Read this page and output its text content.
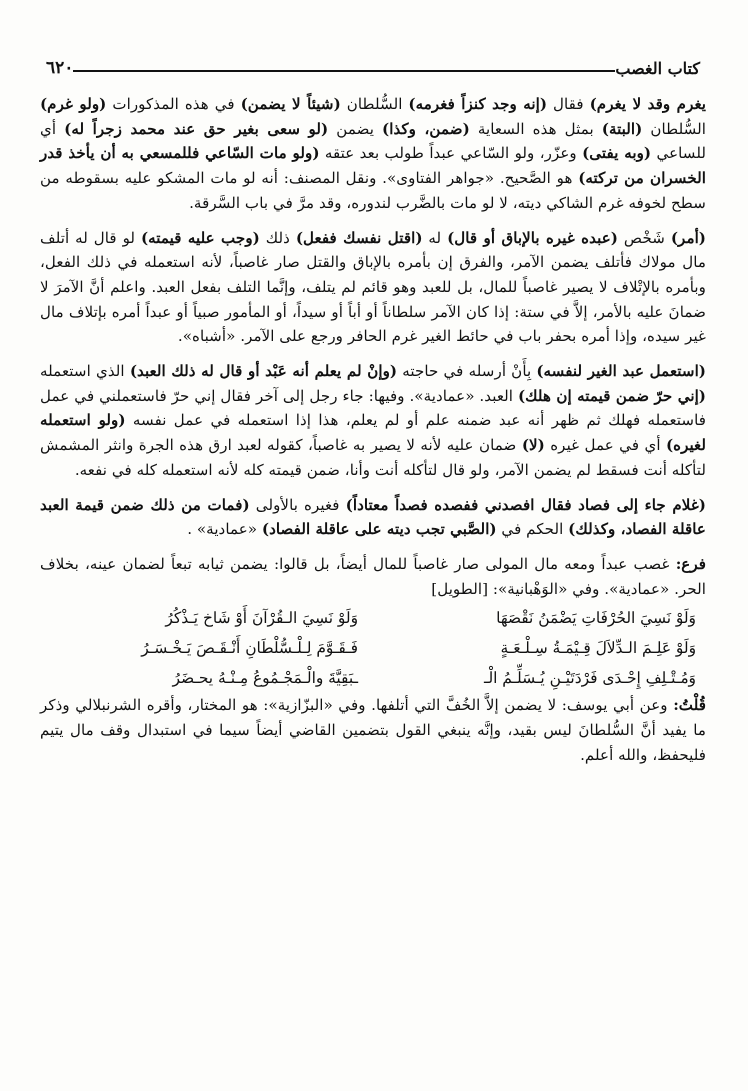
٦٢٠	كتاب الغصب

يغرم وقد لا يغرم) فقال (إنه وجد كنزاً فغرمه) السُّلطان (شيئاً لا يضمن) في هذه المذكورات (ولو غرم) السُّلطان (البتة) بمثل هذه السعاية (ضمن، وكذا) يضمن (لو سعى بغير حق عند محمد زجراً له) أي للساعي (وبه يفتى) وعزّر، ولو السّاعي عبداً طولب بعد عتقه (ولو مات السّاعي فللمسعي به أن يأخذ قدر الخسران من تركته) هو الصَّحيح. «جواهر الفتاوى». ونقل المصنف: أنه لو مات المشكو عليه بسقوطه من سطح لخوفه غرم الشاكي ديته، لا لو مات بالضَّرب لندوره، وقد مرَّ في باب السَّرقة.

(أمر) شَخْص (عبده غيره بالإباق أو قال) له (اقتل نفسك ففعل) ذلك (وجب عليه قيمته) لو قال له أتلف مال مولاك فأتلف يضمن الآمر، والفرق إن بأمره بالإباق والقتل صار غاصباً، لأنه استعمله في ذلك الفعل، وبأمره بالإتْلاف لا يصير غاصباً للمال، بل للعبد وهو قائم لم يتلف، وإنَّما التلف بفعل العبد. واعلم أنَّ الآمرَ لا ضمانَ عليه بالأمر، إلاَّ في ستة: إذا كان الآمر سلطاناً أو أباً أو سيداً، أو المأمور صبياً أو عبداً أمره بإتلاف مال غير سيده، وإذا أمره بحفر باب في حائط الغير غرم الحافر ورجع على الآمر. «أشباه».

(استعمل عبد الغير لنفسه) بِأَنْ أرسله في حاجته (وإنْ لم يعلم أنه عَبْد أو قال له ذلك العبد) الذي استعمله (إني حرّ ضمن قيمته إن هلك) العبد. «عمادية». وفيها: جاء رجل إلى آخر فقال إني حرّ فاستعملني في عمل فاستعمله فهلك ثم ظهر أنه عبد ضمنه علم أو لم يعلم، هذا إذا استعمله في عمل نفسه (ولو استعمله لغيره) أي في عمل غيره (لا) ضمان عليه لأنه لا يصير به غاصباً، كقوله لعبد ارق هذه الجرة وانثر المشمش لتأكله أنت فسقط لم يضمن الآمر، ولو قال لتأكله أنت وأنا، ضمن قيمته كله لأنه استعمله كله في نفعه.

(غلام جاء إلى فصاد فقال افصدني ففصده فصداً معتاداً) فغيره بالأولى (فمات من ذلك ضمن قيمة العبد عاقلة الفصاد، وكذلك) الحكم في (الصَّبي تجب ديته على عاقلة الفصاد) «عمادية» .

فرع: غصب عبداً ومعه مال المولى صار غاصباً للمال أيضاً، بل قالوا: يضمن ثيابه تبعاً لضمان عينه، بخلاف الحر. «عمادية». وفي «الوَهْبانية»: [الطويل]

وَلَوْ نَسِيَ الحُرْفَاتِ يَضْمَنُ نَقْصَهَا
وَلَوْ نَسِيَ الـقُرْآنَ أَوْ شَاخ يَـذْكُرُ
وَلَوْ عَلِـمَ الـدِّلاَلَ قِـيْمَـةُ سِـلْـعَـةٍ
فَـقَـوَّمَ لِـلْـسُّلْطَانِ أَنْـقَـصَ يَـخْـسَـرُ
وَمُـتْـلِفِ إِحْـدَى فَرْدَتَيْـنِ يُـسَلِّـمُ الْـ
ـبَقِيَّةَ والْـمَجْـمُوعُ مِـنْـهُ يحـضَرُ

قُلْتُ: وعن أبي يوسف: لا يضمن إلاَّ الخُفَّ التي أتلفها. وفي «البزّازية»: هو المختار، وأقره الشرنبلالي وذكر ما يفيد أنَّ السُّلطانَ ليس بقيد، وإنَّه ينبغي القول بتضمين القاضي أيضاً سيما في استبدال وقف مال يتيم فليحفظ، والله أعلم.
